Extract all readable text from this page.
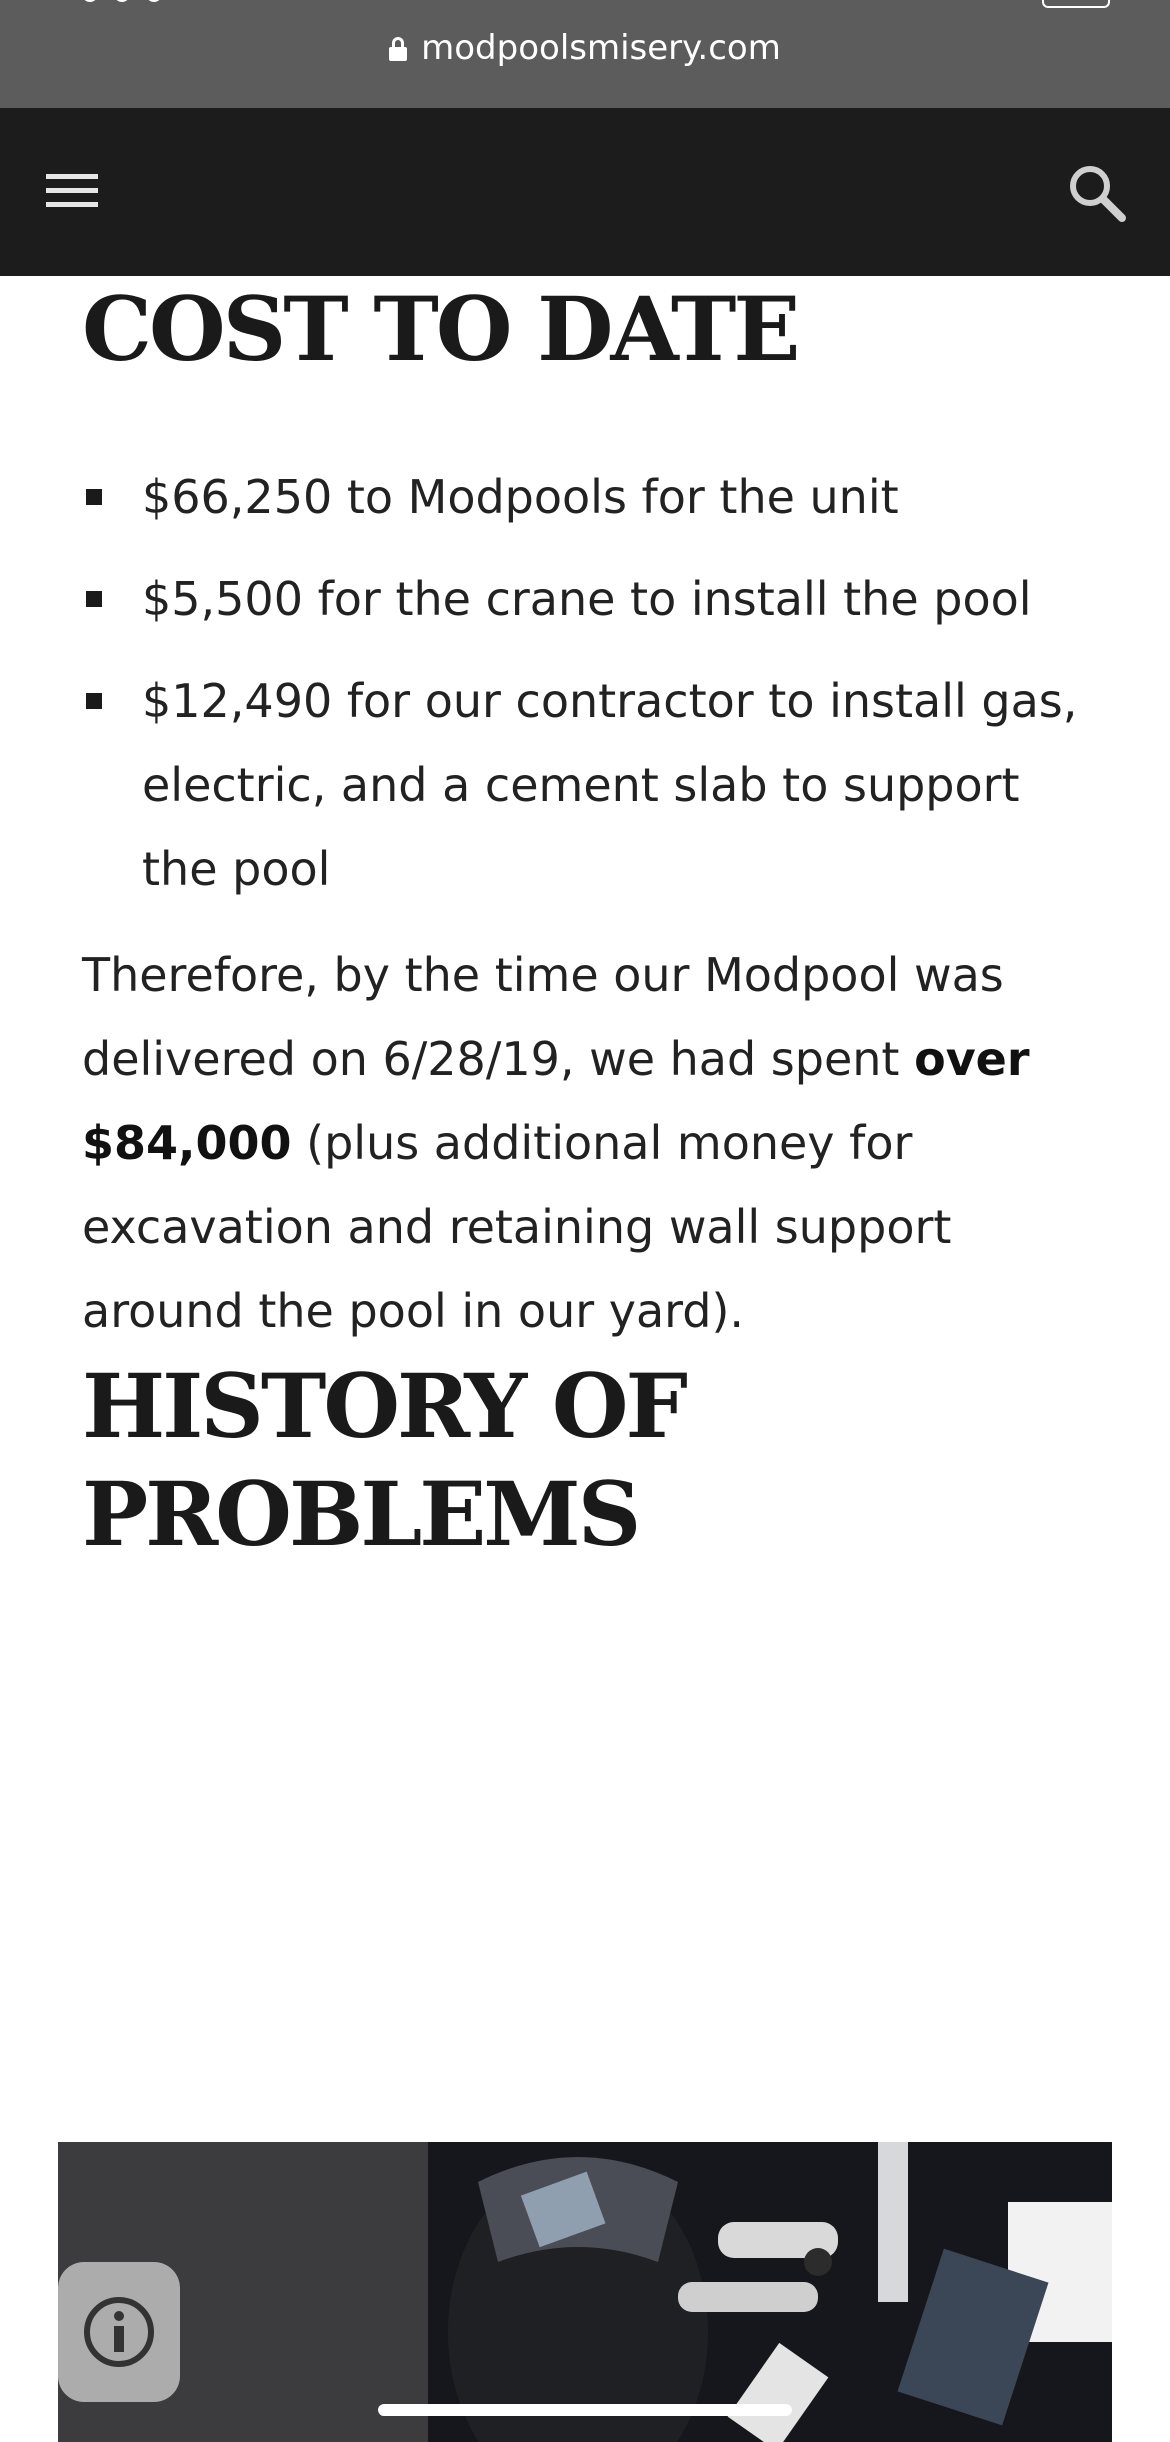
modpoolsmisery.com
COST TO DATE
$66,250 to Modpools for the unit
$5,500 for the crane to install the pool
$12,490 for our contractor to install gas, electric, and a cement slab to support the pool

Therefore, by the time our Modpool was delivered on 6/28/19, we had spent over $84,000 (plus additional money for excavation and retaining wall support around the pool in our yard).

HISTORY OF PROBLEMS
